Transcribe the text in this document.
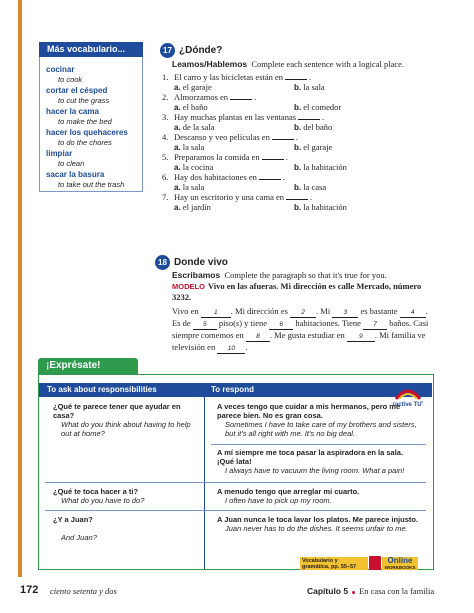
Más vocabulario...
cocinar
to cook
cortar el césped
to cut the grass
hacer la cama
to make the bed
hacer los quehaceres
to do the chores
limpiar
to clean
sacar la basura
to take out the trash
17 ¿Dónde?
Leamos/Hablemos Complete each sentence with a logical place.
1. El carro y las bicicletas están en	.
a. el garaje	b. la sala
2. Almorzamos en	.
a. el baño	b. el comedor
3. Hay muchas plantas en las ventanas	.
a. de la sala	b. del baño
4. Descanso y veo películas en	.
a. la sala	b. el garaje
5. Preparamos la comida en	.
a. la cocina	b. la habitación
6. Hay dos habitaciones en	.
a. la sala	b. la casa
7. Hay un escritorio y una cama en	.
a. el jardín	b. la habitación
18 Donde vivo
Escribamos Complete the paragraph so that it's true for you.
MODELO Vivo en las afueras. Mi dirección es calle Mercado, número 3232.
Vivo en 1 . Mi dirección es 2 . Mi 3 es bastante 4 . Es de 5 piso(s) y tiene 6 habitaciones. Tiene 7 baños. Casi siempre comemos en 8 . Me gusta estudiar en 9 . Mi familia ve televisión en 10 .
¡Exprésate!
To ask about responsibilities	To respond
¿Qué te parece tener que ayudar en casa?
What do you think about having to help out at home?
A veces tengo que cuidar a mis hermanos, pero me parece bien. No es gran cosa.
Sometimes I have to take care of my brothers and sisters, but it's all right with me. It's no big deal.
A mí siempre me toca pasar la aspiradora en la sala. ¡Qué lata!
I always have to vacuum the living room. What a pain!
¿Qué te toca hacer a ti?
What do you have to do?
A menudo tengo que arreglar mi cuarto.
I often have to pick up my room.
¿Y a Juan?
And Juan?
A Juan nunca le toca lavar los platos. Me parece injusto.
Juan never has to do the dishes. It seems unfair to me.
active TU
Vocabulario y gramática, pp. 55–57
Online
WORKBOOKS
172 ciento setenta y dos	Capítulo 5 En casa con la familia
